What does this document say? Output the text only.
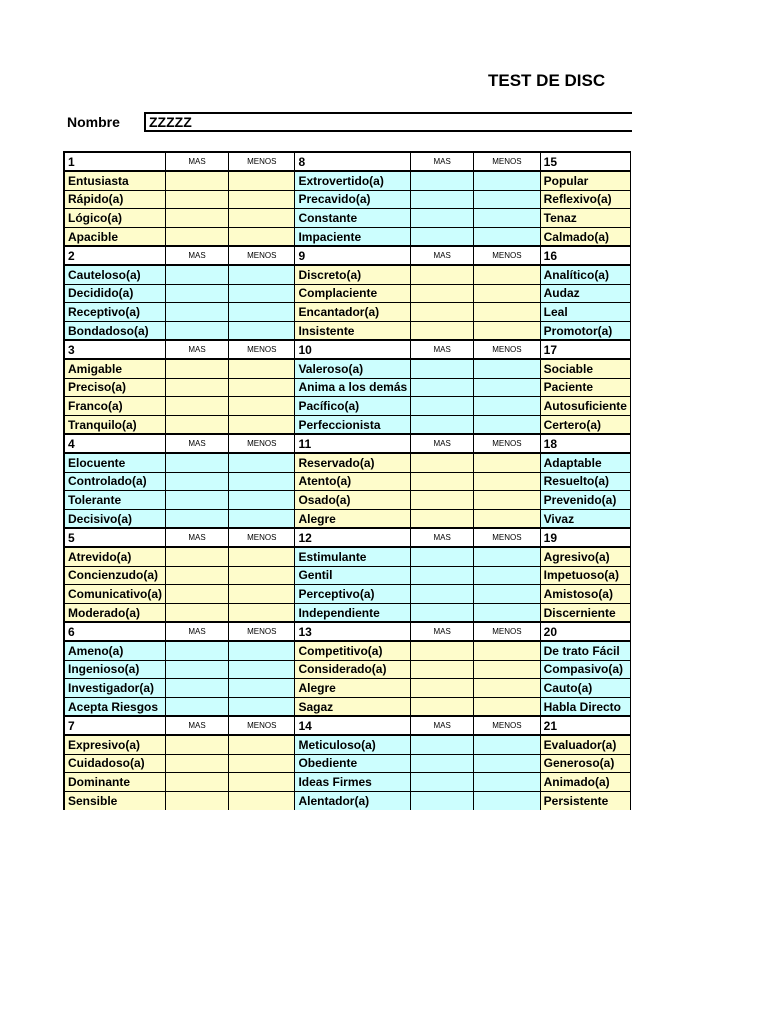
TEST DE DISC
Nombre	ZZZZZ
1	MAS	MENOS	8	MAS	MENOS	15
Entusiasta			Extrovertido(a)			Popular
Rápido(a)			Precavido(a)			Reflexivo(a)
Lógico(a)			Constante			Tenaz
Apacible			Impaciente			Calmado(a)
2	MAS	MENOS	9	MAS	MENOS	16
Cauteloso(a)			Discreto(a)			Analítico(a)
Decidido(a)			Complaciente			Audaz
Receptivo(a)			Encantador(a)			Leal
Bondadoso(a)			Insistente			Promotor(a)
3	MAS	MENOS	10	MAS	MENOS	17
Amigable			Valeroso(a)			Sociable
Preciso(a)			Anima a los demás			Paciente
Franco(a)			Pacífico(a)			Autosuficiente
Tranquilo(a)			Perfeccionista			Certero(a)
4	MAS	MENOS	11	MAS	MENOS	18
Elocuente			Reservado(a)			Adaptable
Controlado(a)			Atento(a)			Resuelto(a)
Tolerante			Osado(a)			Prevenido(a)
Decisivo(a)			Alegre			Vivaz
5	MAS	MENOS	12	MAS	MENOS	19
Atrevido(a)			Estimulante			Agresivo(a)
Concienzudo(a)			Gentil			Impetuoso(a)
Comunicativo(a)			Perceptivo(a)			Amistoso(a)
Moderado(a)			Independiente			Discerniente
6	MAS	MENOS	13	MAS	MENOS	20
Ameno(a)			Competitivo(a)			De trato Fácil
Ingenioso(a)			Considerado(a)			Compasivo(a)
Investigador(a)			Alegre			Cauto(a)
Acepta Riesgos			Sagaz			Habla Directo
7	MAS	MENOS	14	MAS	MENOS	21
Expresivo(a)			Meticuloso(a)			Evaluador(a)
Cuidadoso(a)			Obediente			Generoso(a)
Dominante			Ideas Firmes			Animado(a)
Sensible			Alentador(a)			Persistente
